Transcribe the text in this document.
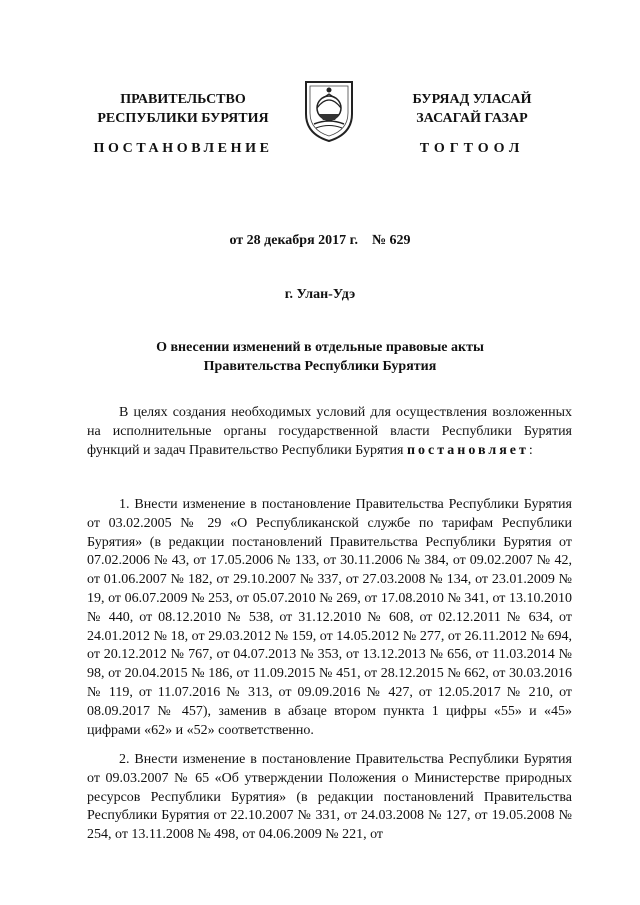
ПРАВИТЕЛЬСТВО
РЕСПУБЛИКИ БУРЯТИЯ
БУРЯАД УЛАСАЙ
ЗАСАГАЙ ГАЗАР
ПОСТАНОВЛЕНИЕ	ТОГТООЛ
от 28 декабря 2017 г.    № 629
г. Улан-Удэ
О внесении изменений в отдельные правовые акты
Правительства Республики Бурятия

В целях создания необходимых условий для осуществления возложенных на исполнительные органы государственной власти Республики Бурятия функций и задач Правительство Республики Бурятия постановляет:

1. Внести изменение в постановление Правительства Республики Бурятия от 03.02.2005 № 29 «О Республиканской службе по тарифам Республики Бурятия» (в редакции постановлений Правительства Республики Бурятия от 07.02.2006 № 43, от 17.05.2006 № 133, от 30.11.2006 № 384, от 09.02.2007 № 42, от 01.06.2007 № 182, от 29.10.2007 № 337, от 27.03.2008 № 134, от 23.01.2009 № 19, от 06.07.2009 № 253, от 05.07.2010 № 269, от 17.08.2010 № 341, от 13.10.2010 № 440, от 08.12.2010 № 538, от 31.12.2010 № 608, от 02.12.2011 № 634, от 24.01.2012 № 18, от 29.03.2012 № 159, от 14.05.2012 № 277, от 26.11.2012 № 694, от 20.12.2012 № 767, от 04.07.2013 № 353, от 13.12.2013 № 656, от 11.03.2014 № 98, от 20.04.2015 № 186, от 11.09.2015 № 451, от 28.12.2015 № 662, от 30.03.2016 № 119, от 11.07.2016 № 313, от 09.09.2016 № 427, от 12.05.2017 № 210, от 08.09.2017 № 457), заменив в абзаце втором пункта 1 цифры «55» и «45» цифрами «62» и «52» соответственно.

2. Внести изменение в постановление Правительства Республики Бурятия от 09.03.2007 № 65 «Об утверждении Положения о Министерстве природных ресурсов Республики Бурятия» (в редакции постановлений Правительства Республики Бурятия от 22.10.2007 № 331, от 24.03.2008 № 127, от 19.05.2008 № 254, от 13.11.2008 № 498, от 04.06.2009 № 221, от
